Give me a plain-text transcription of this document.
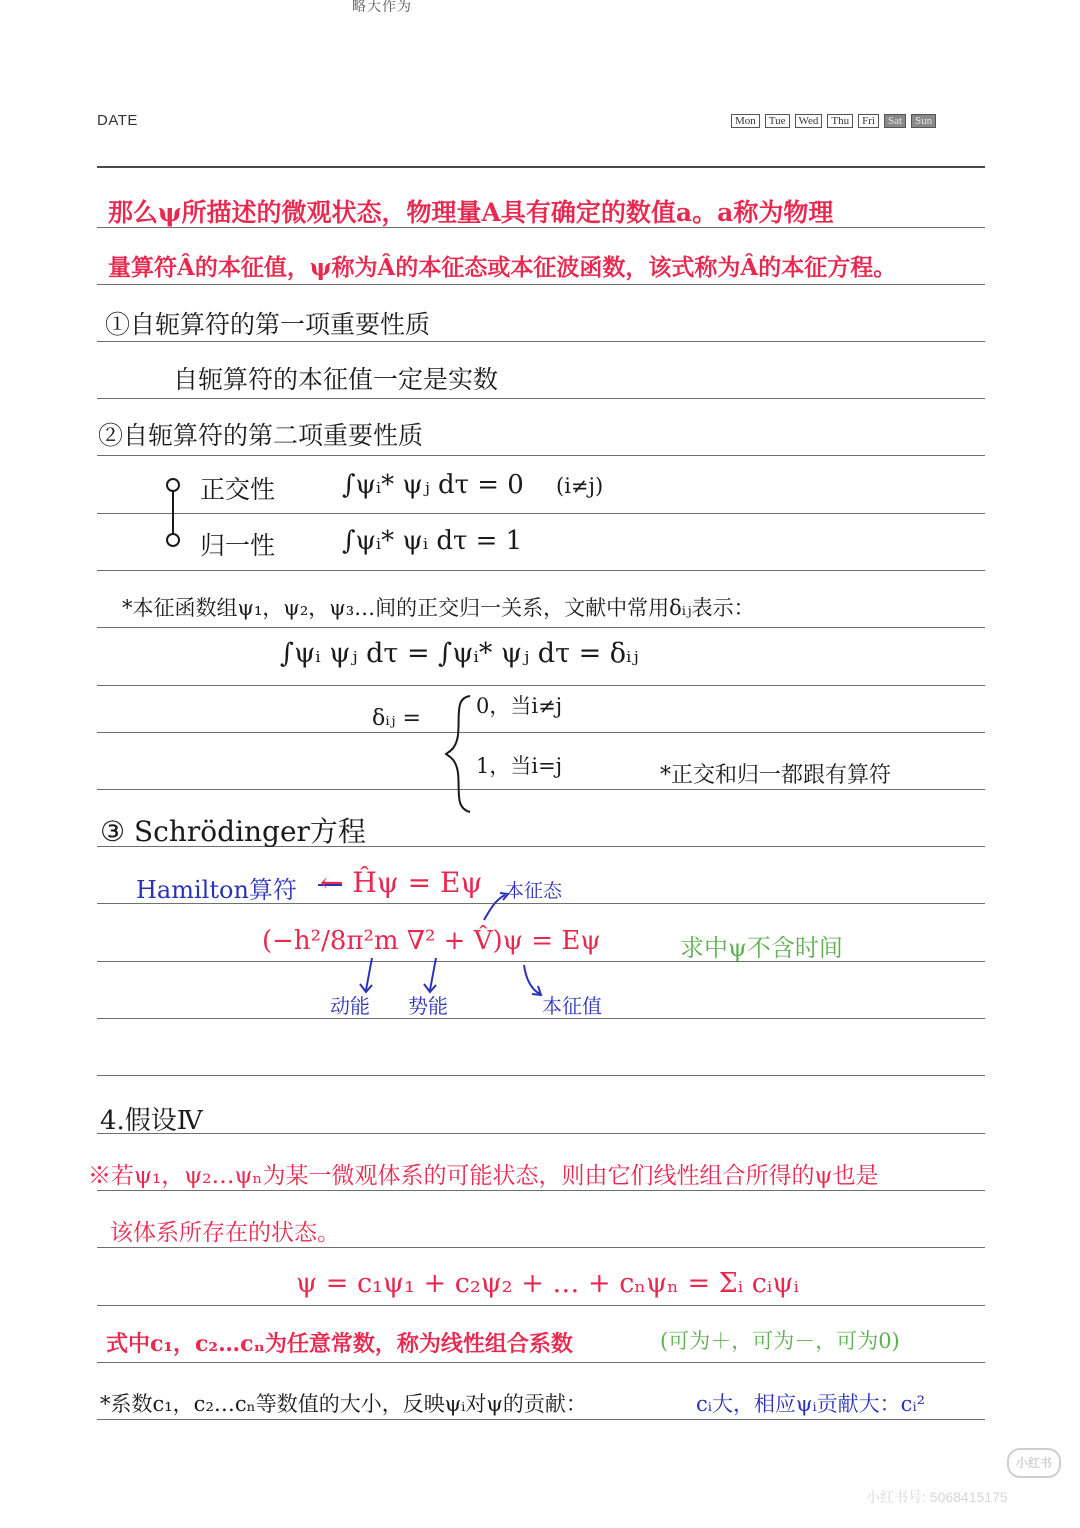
略大作为
DATE	Mon	Tue	Wed	Thu	Fri	Sat	Sun
那么ψ所描述的微观状态，物理量A具有确定的数值a。a称为物理
量算符Â的本征值，ψ称为Â的本征态或本征波函数，该式称为Â的本征方程。
①自轭算符的第一项重要性质
自轭算符的本征值一定是实数
②自轭算符的第二项重要性质
正交性	∫ψᵢ* ψⱼ dτ = 0 (i≠j)
归一性	∫ψᵢ* ψᵢ dτ = 1
*本征函数组ψ₁，ψ₂，ψ₃…间的正交归一关系，文献中常用δᵢⱼ表示：
∫ψᵢ ψⱼ dτ = ∫ψᵢ* ψⱼ dτ = δᵢⱼ
δᵢⱼ =	0，当i≠j
1，当i=j	*正交和归一都跟有算符
③ Schrödinger方程
Hamilton算符 ← Ĥψ = Eψ 本征态
(−h²/8π²m ∇² + V̂)ψ = Eψ	求中ψ不含时间
动能 势能	本征值
4.假设Ⅳ
※若ψ₁，ψ₂…ψₙ为某一微观体系的可能状态，则由它们线性组合所得的ψ也是
该体系所存在的状态。
ψ = c₁ψ₁ + c₂ψ₂ + … + cₙψₙ = Σᵢ cᵢψᵢ
式中c₁，c₂…cₙ为任意常数，称为线性组合系数	(可为＋，可为－，可为0)
*系数c₁，c₂…cₙ等数值的大小，反映ψᵢ对ψ的贡献：	cᵢ大，相应ψᵢ贡献大：cᵢ²
小红书
小红书号: 5068415175
